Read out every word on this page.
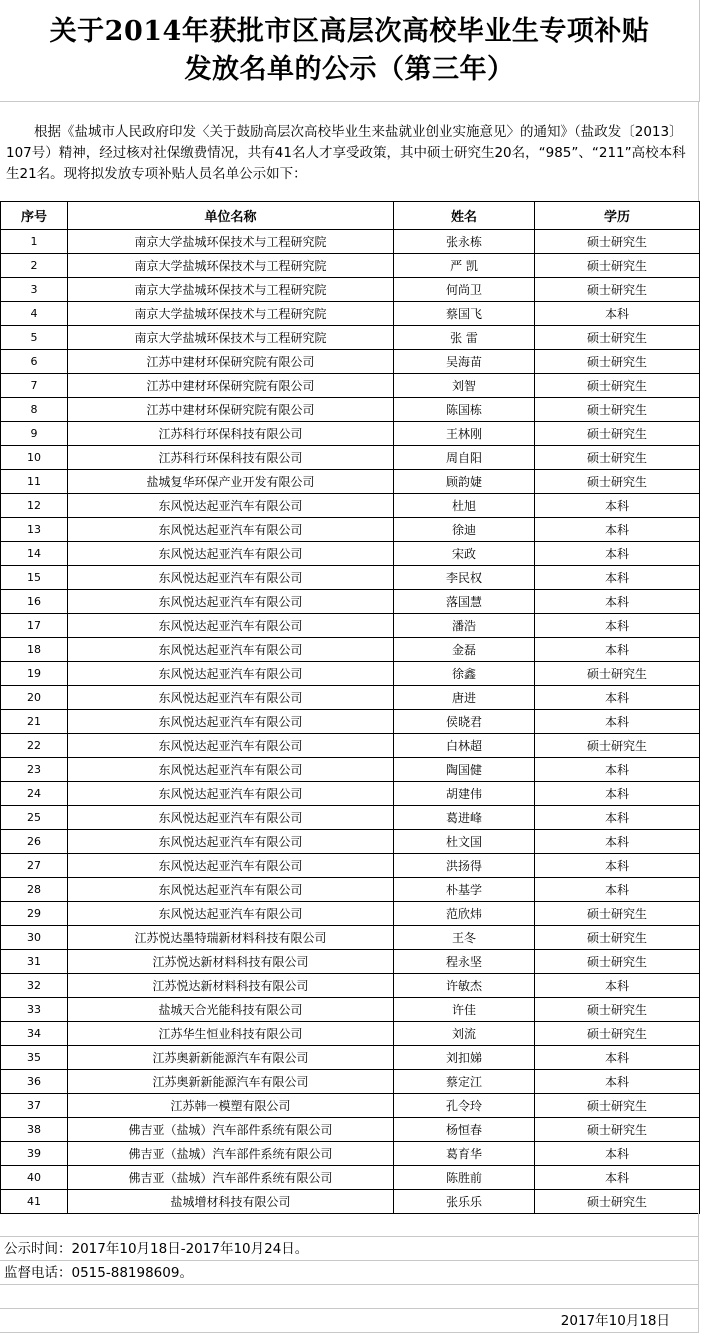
关于2014年获批市区高层次高校毕业生专项补贴
发放名单的公示（第三年）
根据《盐城市人民政府印发〈关于鼓励高层次高校毕业生来盐就业创业实施意见〉的通知》（盐政发〔2013〕107号）精神，经过核对社保缴费情况，共有41名人才享受政策，其中硕士研究生20名，“985”、“211”高校本科生21名。现将拟发放专项补贴人员名单公示如下：
序号	单位名称	姓名	学历
1	南京大学盐城环保技术与工程研究院	张永栋	硕士研究生
2	南京大学盐城环保技术与工程研究院	严 凯	硕士研究生
3	南京大学盐城环保技术与工程研究院	何尚卫	硕士研究生
4	南京大学盐城环保技术与工程研究院	蔡国飞	本科
5	南京大学盐城环保技术与工程研究院	张 雷	硕士研究生
6	江苏中建材环保研究院有限公司	吴海苗	硕士研究生
7	江苏中建材环保研究院有限公司	刘智	硕士研究生
8	江苏中建材环保研究院有限公司	陈国栋	硕士研究生
9	江苏科行环保科技有限公司	王林刚	硕士研究生
10	江苏科行环保科技有限公司	周自阳	硕士研究生
11	盐城复华环保产业开发有限公司	顾韵婕	硕士研究生
12	东风悦达起亚汽车有限公司	杜旭	本科
13	东风悦达起亚汽车有限公司	徐迪	本科
14	东风悦达起亚汽车有限公司	宋政	本科
15	东风悦达起亚汽车有限公司	李民权	本科
16	东风悦达起亚汽车有限公司	落国慧	本科
17	东风悦达起亚汽车有限公司	潘浩	本科
18	东风悦达起亚汽车有限公司	金磊	本科
19	东风悦达起亚汽车有限公司	徐鑫	硕士研究生
20	东风悦达起亚汽车有限公司	唐进	本科
21	东风悦达起亚汽车有限公司	侯晓君	本科
22	东风悦达起亚汽车有限公司	白林超	硕士研究生
23	东风悦达起亚汽车有限公司	陶国健	本科
24	东风悦达起亚汽车有限公司	胡建伟	本科
25	东风悦达起亚汽车有限公司	葛进峰	本科
26	东风悦达起亚汽车有限公司	杜文国	本科
27	东风悦达起亚汽车有限公司	洪扬得	本科
28	东风悦达起亚汽车有限公司	朴基学	本科
29	东风悦达起亚汽车有限公司	范欣炜	硕士研究生
30	江苏悦达墨特瑞新材料科技有限公司	王冬	硕士研究生
31	江苏悦达新材料科技有限公司	程永坚	硕士研究生
32	江苏悦达新材料科技有限公司	许敏杰	本科
33	盐城天合光能科技有限公司	许佳	硕士研究生
34	江苏华生恒业科技有限公司	刘流	硕士研究生
35	江苏奥新新能源汽车有限公司	刘扣娣	本科
36	江苏奥新新能源汽车有限公司	蔡定江	本科
37	江苏韩一模塑有限公司	孔令玲	硕士研究生
38	佛吉亚（盐城）汽车部件系统有限公司	杨恒春	硕士研究生
39	佛吉亚（盐城）汽车部件系统有限公司	葛育华	本科
40	佛吉亚（盐城）汽车部件系统有限公司	陈胜前	本科
41	盐城增材科技有限公司	张乐乐	硕士研究生
公示时间：2017年10月18日-2017年10月24日。
监督电话：0515-88198609。
2017年10月18日
